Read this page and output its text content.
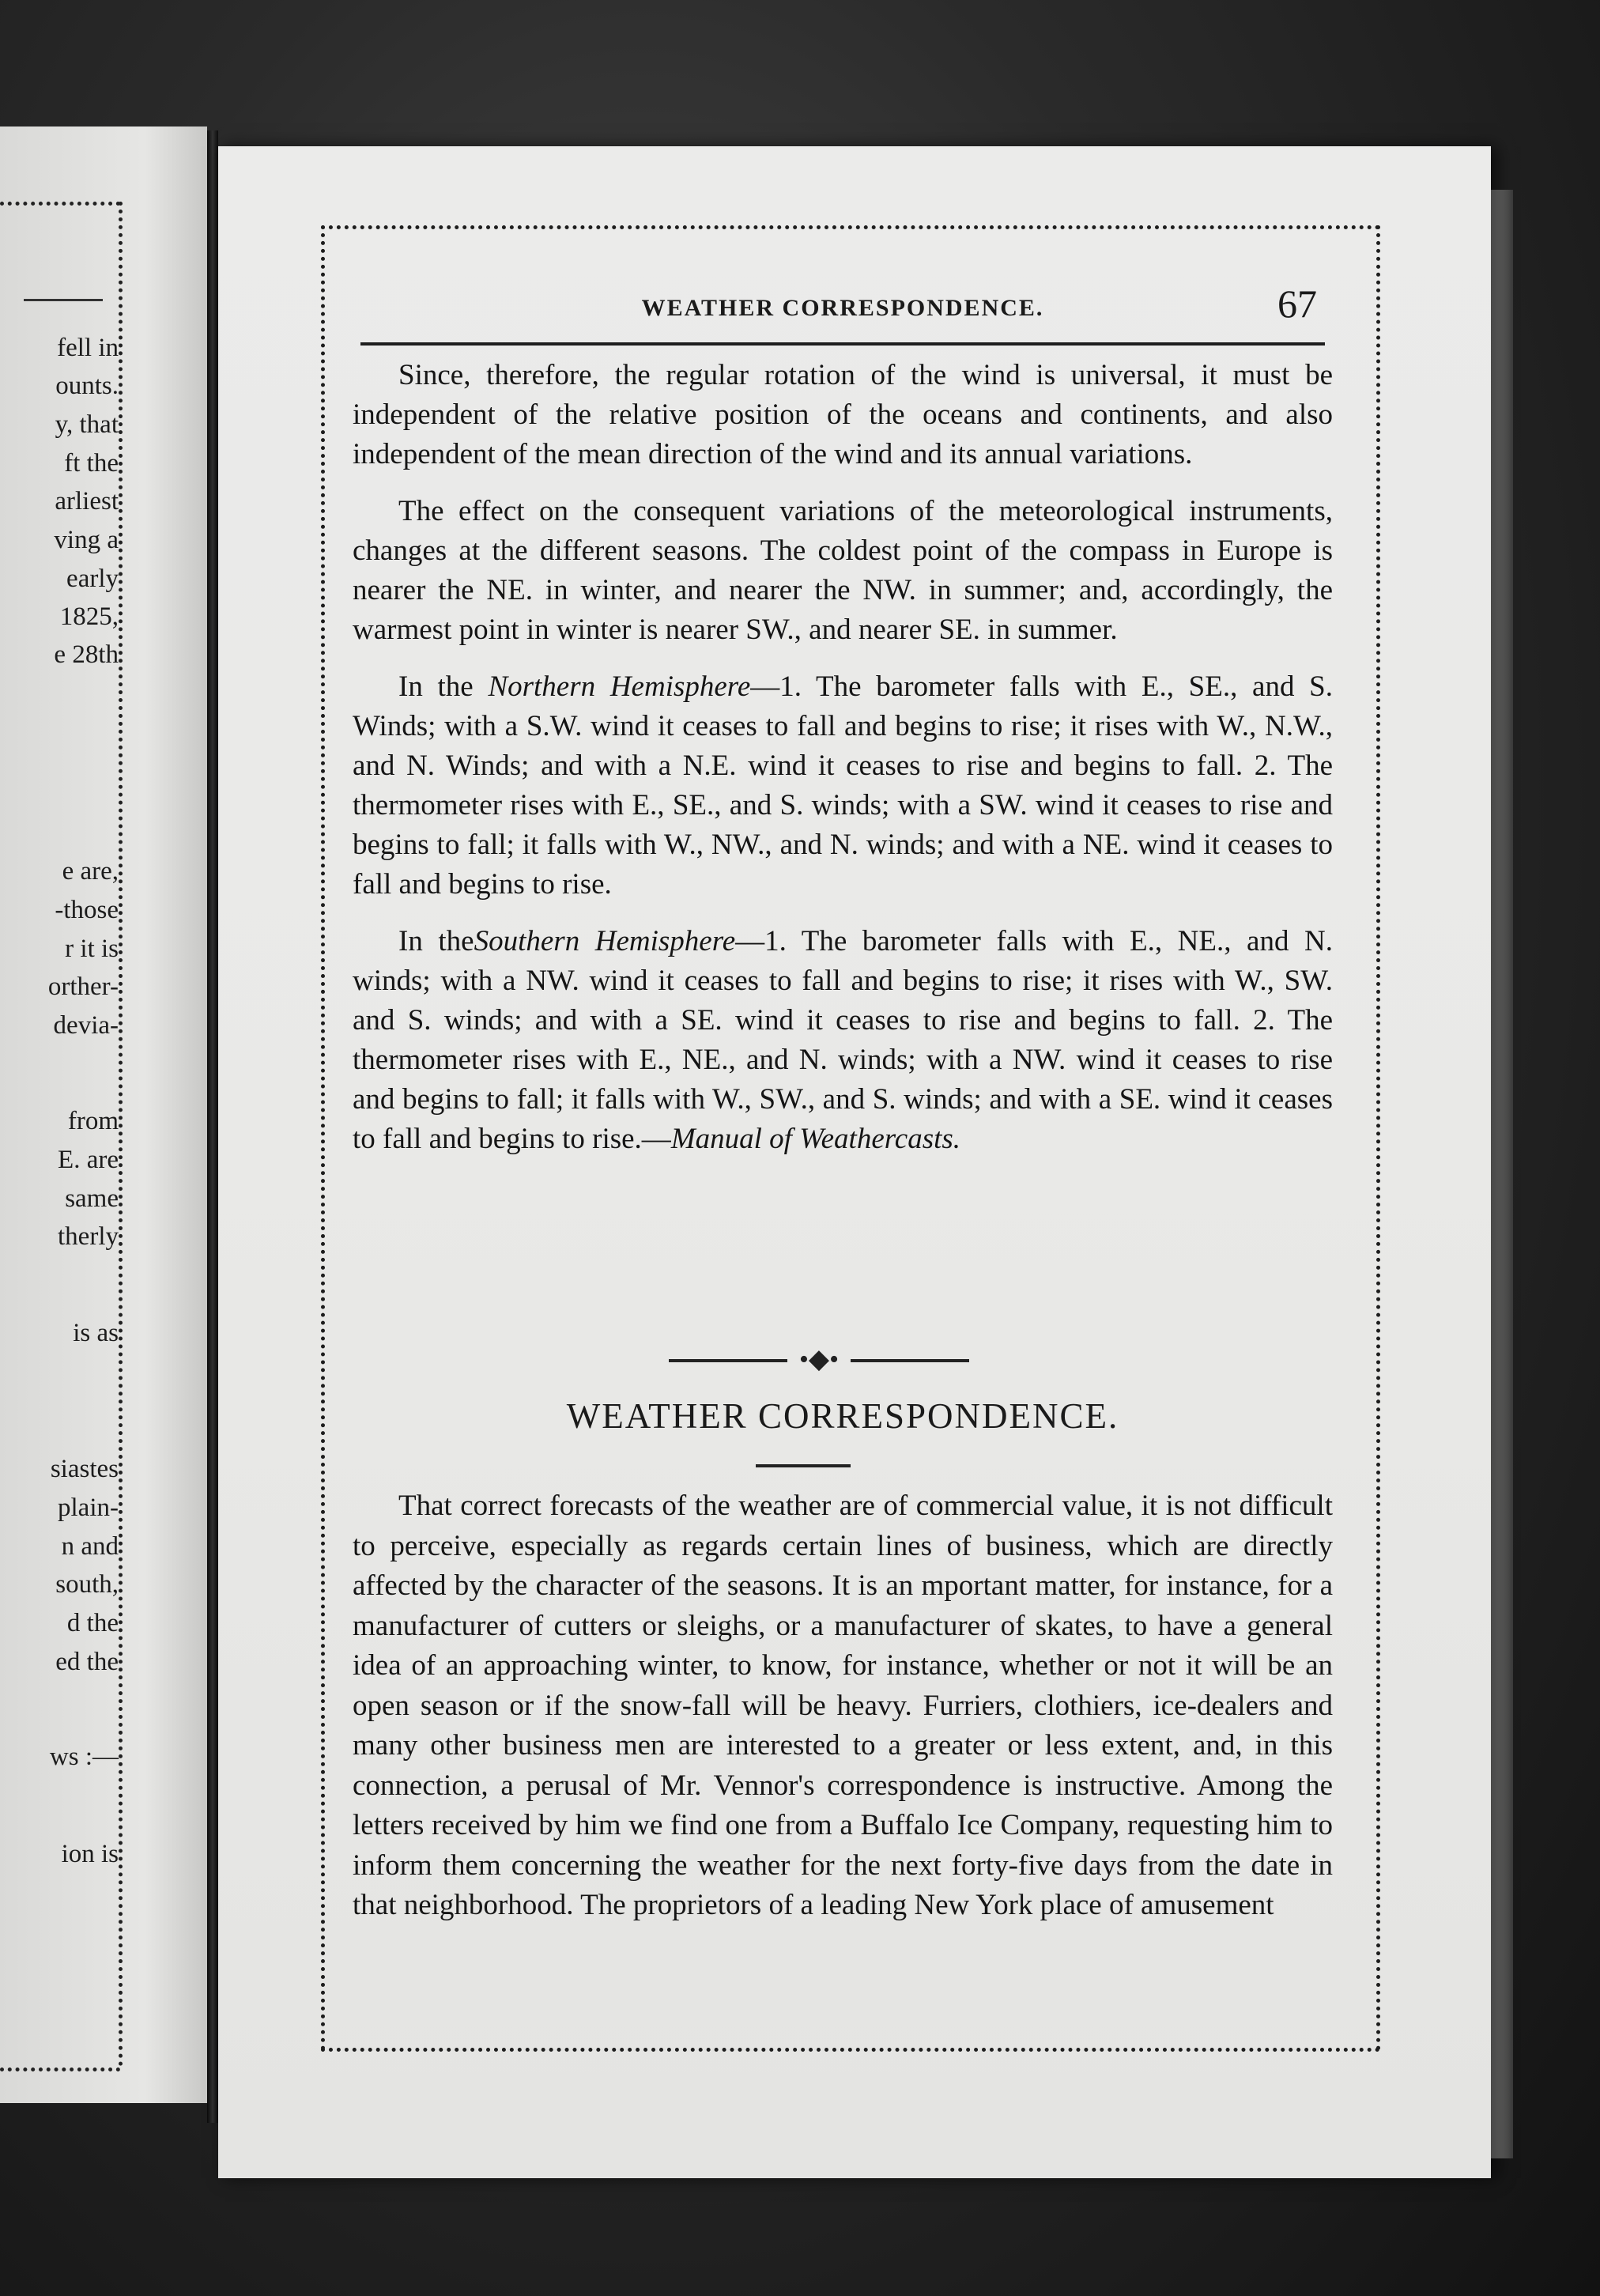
fell in
ounts.
y, that
ft the
arliest
ving a
early
1825,
e 28th
e are,
-those
r it is
orther-
devia-
from
E. are
same
therly
is as
siastes
plain-
n and
south,
d the
ed the
ws :—
ion is
WEATHER CORRESPONDENCE.	67

Since, therefore, the regular rotation of the wind is universal, it must be independent of the relative position of the oceans and continents, and also independent of the mean direction of the wind and its annual variations.

The effect on the consequent variations of the meteorological instruments, changes at the different seasons. The coldest point of the compass in Europe is nearer the NE. in winter, and nearer the NW. in summer; and, accordingly, the warmest point in winter is nearer SW., and nearer SE. in summer.

In the Northern Hemisphere—1. The barometer falls with E., SE., and S. Winds; with a S.W. wind it ceases to fall and begins to rise; it rises with W., N.W., and N. Winds; and with a N.E. wind it ceases to rise and begins to fall. 2. The thermometer rises with E., SE., and S. winds; with a SW. wind it ceases to rise and begins to fall; it falls with W., NW., and N. winds; and with a NE. wind it ceases to fall and begins to rise.

In theSouthern Hemisphere—1. The barometer falls with E., NE., and N. winds; with a NW. wind it ceases to fall and begins to rise; it rises with W., SW. and S. winds; and with a SE. wind it ceases to rise and begins to fall. 2. The thermometer rises with E., NE., and N. winds; with a NW. wind it ceases to rise and begins to fall; it falls with W., SW., and S. winds; and with a SE. wind it ceases to fall and begins to rise.—Manual of Weathercasts.

•◆•
WEATHER CORRESPONDENCE.

That correct forecasts of the weather are of commercial value, it is not difficult to perceive, especially as regards certain lines of business, which are directly affected by the character of the seasons. It is an mportant matter, for instance, for a manufacturer of cutters or sleighs, or a manufacturer of skates, to have a general idea of an approaching winter, to know, for instance, whether or not it will be an open season or if the snow-fall will be heavy. Furriers, clothiers, ice-dealers and many other business men are interested to a greater or less extent, and, in this connection, a perusal of Mr. Vennor's correspondence is instructive. Among the letters received by him we find one from a Buffalo Ice Company, requesting him to inform them concerning the weather for the next forty-five days from the date in that neighborhood. The proprietors of a leading New York place of amusement
